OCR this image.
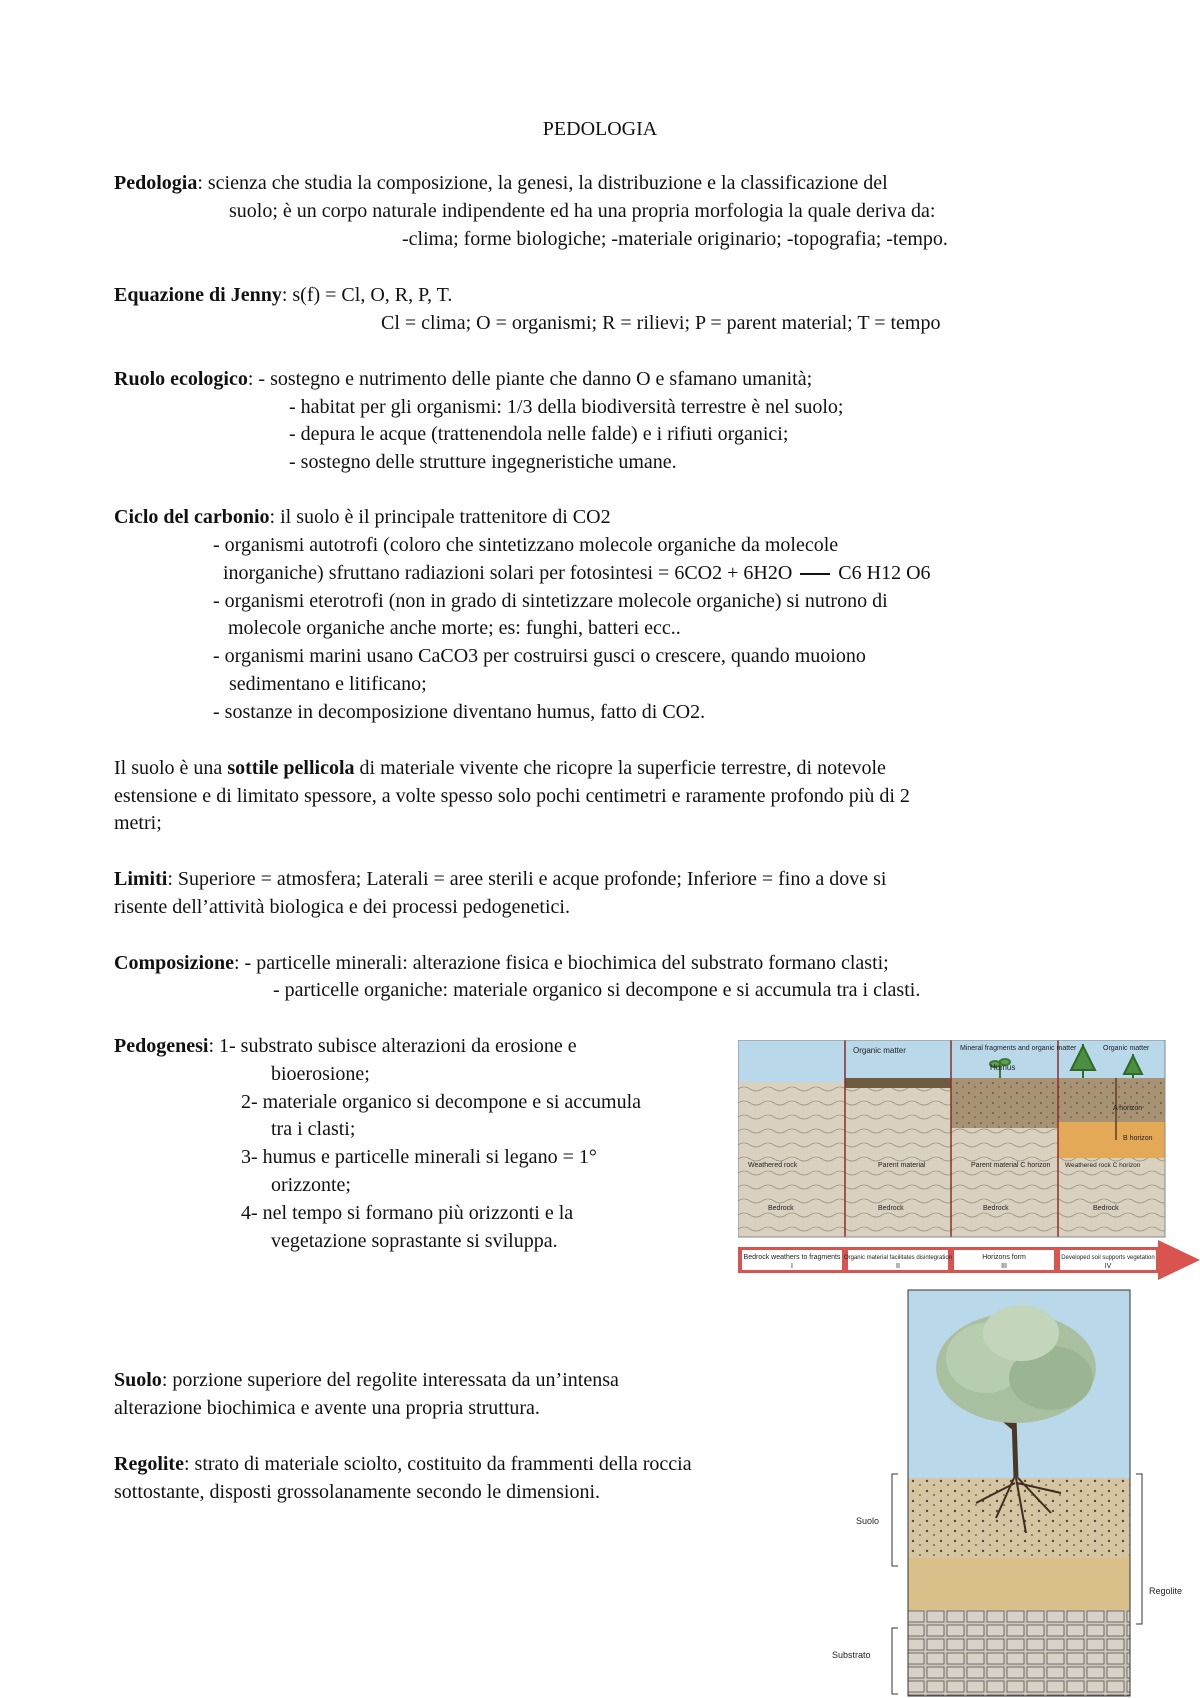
PEDOLOGIA
Pedologia: scienza che studia la composizione, la genesi, la distribuzione e la classificazione del
suolo; è un corpo naturale indipendente ed ha una propria morfologia la quale deriva da:
-clima; forme biologiche; -materiale originario; -topografia; -tempo.
Equazione di Jenny: s(f) = Cl, O, R, P, T.
Cl = clima; O = organismi; R = rilievi; P = parent material; T = tempo
Ruolo ecologico: - sostegno e nutrimento delle piante che danno O e sfamano umanità;
- habitat per gli organismi: 1/3 della biodiversità terrestre è nel suolo;
- depura le acque (trattenendola nelle falde) e i rifiuti organici;
- sostegno delle strutture ingegneristiche umane.
Ciclo del carbonio: il suolo è il principale trattenitore di CO2
- organismi autotrofi (coloro che sintetizzano molecole organiche da molecole
inorganiche) sfruttano radiazioni solari per fotosintesi = 6CO2 + 6H2O C6 H12 O6
- organismi eterotrofi (non in grado di sintetizzare molecole organiche) si nutrono di
molecole organiche anche morte; es: funghi, batteri ecc..
- organismi marini usano CaCO3 per costruirsi gusci o crescere, quando muoiono
sedimentano e litificano;
- sostanze in decomposizione diventano humus, fatto di CO2.
Il suolo è una sottile pellicola di materiale vivente che ricopre la superficie terrestre, di notevole
estensione e di limitato spessore, a volte spesso solo pochi centimetri e raramente profondo più di 2
metri;
Limiti: Superiore = atmosfera; Laterali = aree sterili e acque profonde; Inferiore = fino a dove si
risente dell’attività biologica e dei processi pedogenetici.
Composizione: - particelle minerali: alterazione fisica e biochimica del substrato formano clasti;
- particelle organiche: materiale organico si decompone e si accumula tra i clasti.
Pedogenesi: 1- substrato subisce alterazioni da erosione e
bioerosione;
2- materiale organico si decompone e si accumula
tra i clasti;
3- humus e particelle minerali si legano = 1°
orizzonte;
4- nel tempo si formano più orizzonti e la
vegetazione soprastante si sviluppa.
Suolo: porzione superiore del regolite interessata da un’intensa
alterazione biochimica e avente una propria struttura.
Regolite: strato di materiale sciolto, costituito da frammenti della roccia
sottostante, disposti grossolanamente secondo le dimensioni.
Organic matter	Mineral fragments and organic matter
Humus
Organic matter
A horizon
B horizon
Weathered rock	Parent material	Parent material C horizon Weathered rock C horizon
Bedrock	Bedrock	Bedrock	Bedrock
Bedrock weathers to fragments
I
Organic material facilitates disintegration
II
Horizons form
III
Developed soil supports vegetation
IV
Suolo
Regolite
Substrato
